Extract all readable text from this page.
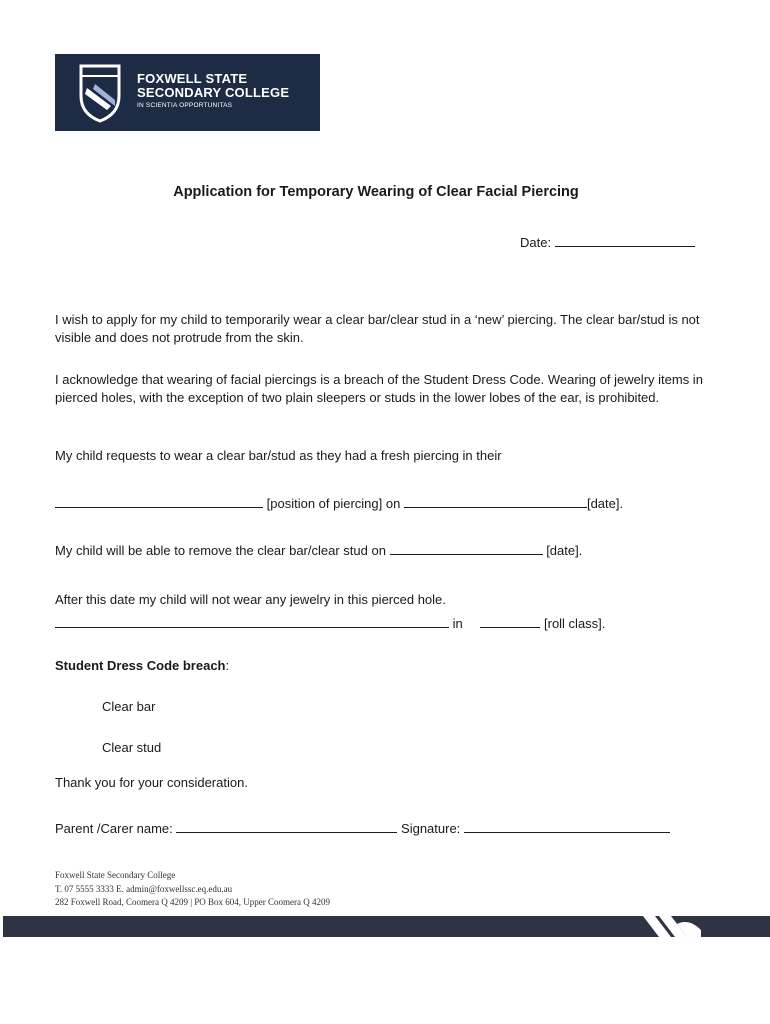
FOXWELL STATE
SECONDARY COLLEGE
IN SCIENTIA OPPORTUNITAS
Application for Temporary Wearing of Clear Facial Piercing
Date:
I wish to apply for my child to temporarily wear a clear bar/clear stud in a ‘new’ piercing. The clear bar/stud is not visible and does not protrude from the skin.
I acknowledge that wearing of facial piercings is a breach of the Student Dress Code. Wearing of jewelry items in pierced holes, with the exception of two plain sleepers or studs in the lower lobes of the ear, is prohibited.
My child requests to wear a clear bar/stud as they had a fresh piercing in their
[position of piercing] on	[date].
My child will be able to remove the clear bar/clear stud on	[date].
After this date my child will not wear any jewelry in this pierced hole.
in	[roll class].
Student Dress Code breach:
Clear bar
Clear stud
Thank you for your consideration.
Parent /Carer name:	Signature:
Foxwell State Secondary College
T. 07 5555 3333 E. admin@foxwellssc.eq.edu.au
282 Foxwell Road, Coomera Q 4209 | PO Box 604, Upper Coomera Q 4209
